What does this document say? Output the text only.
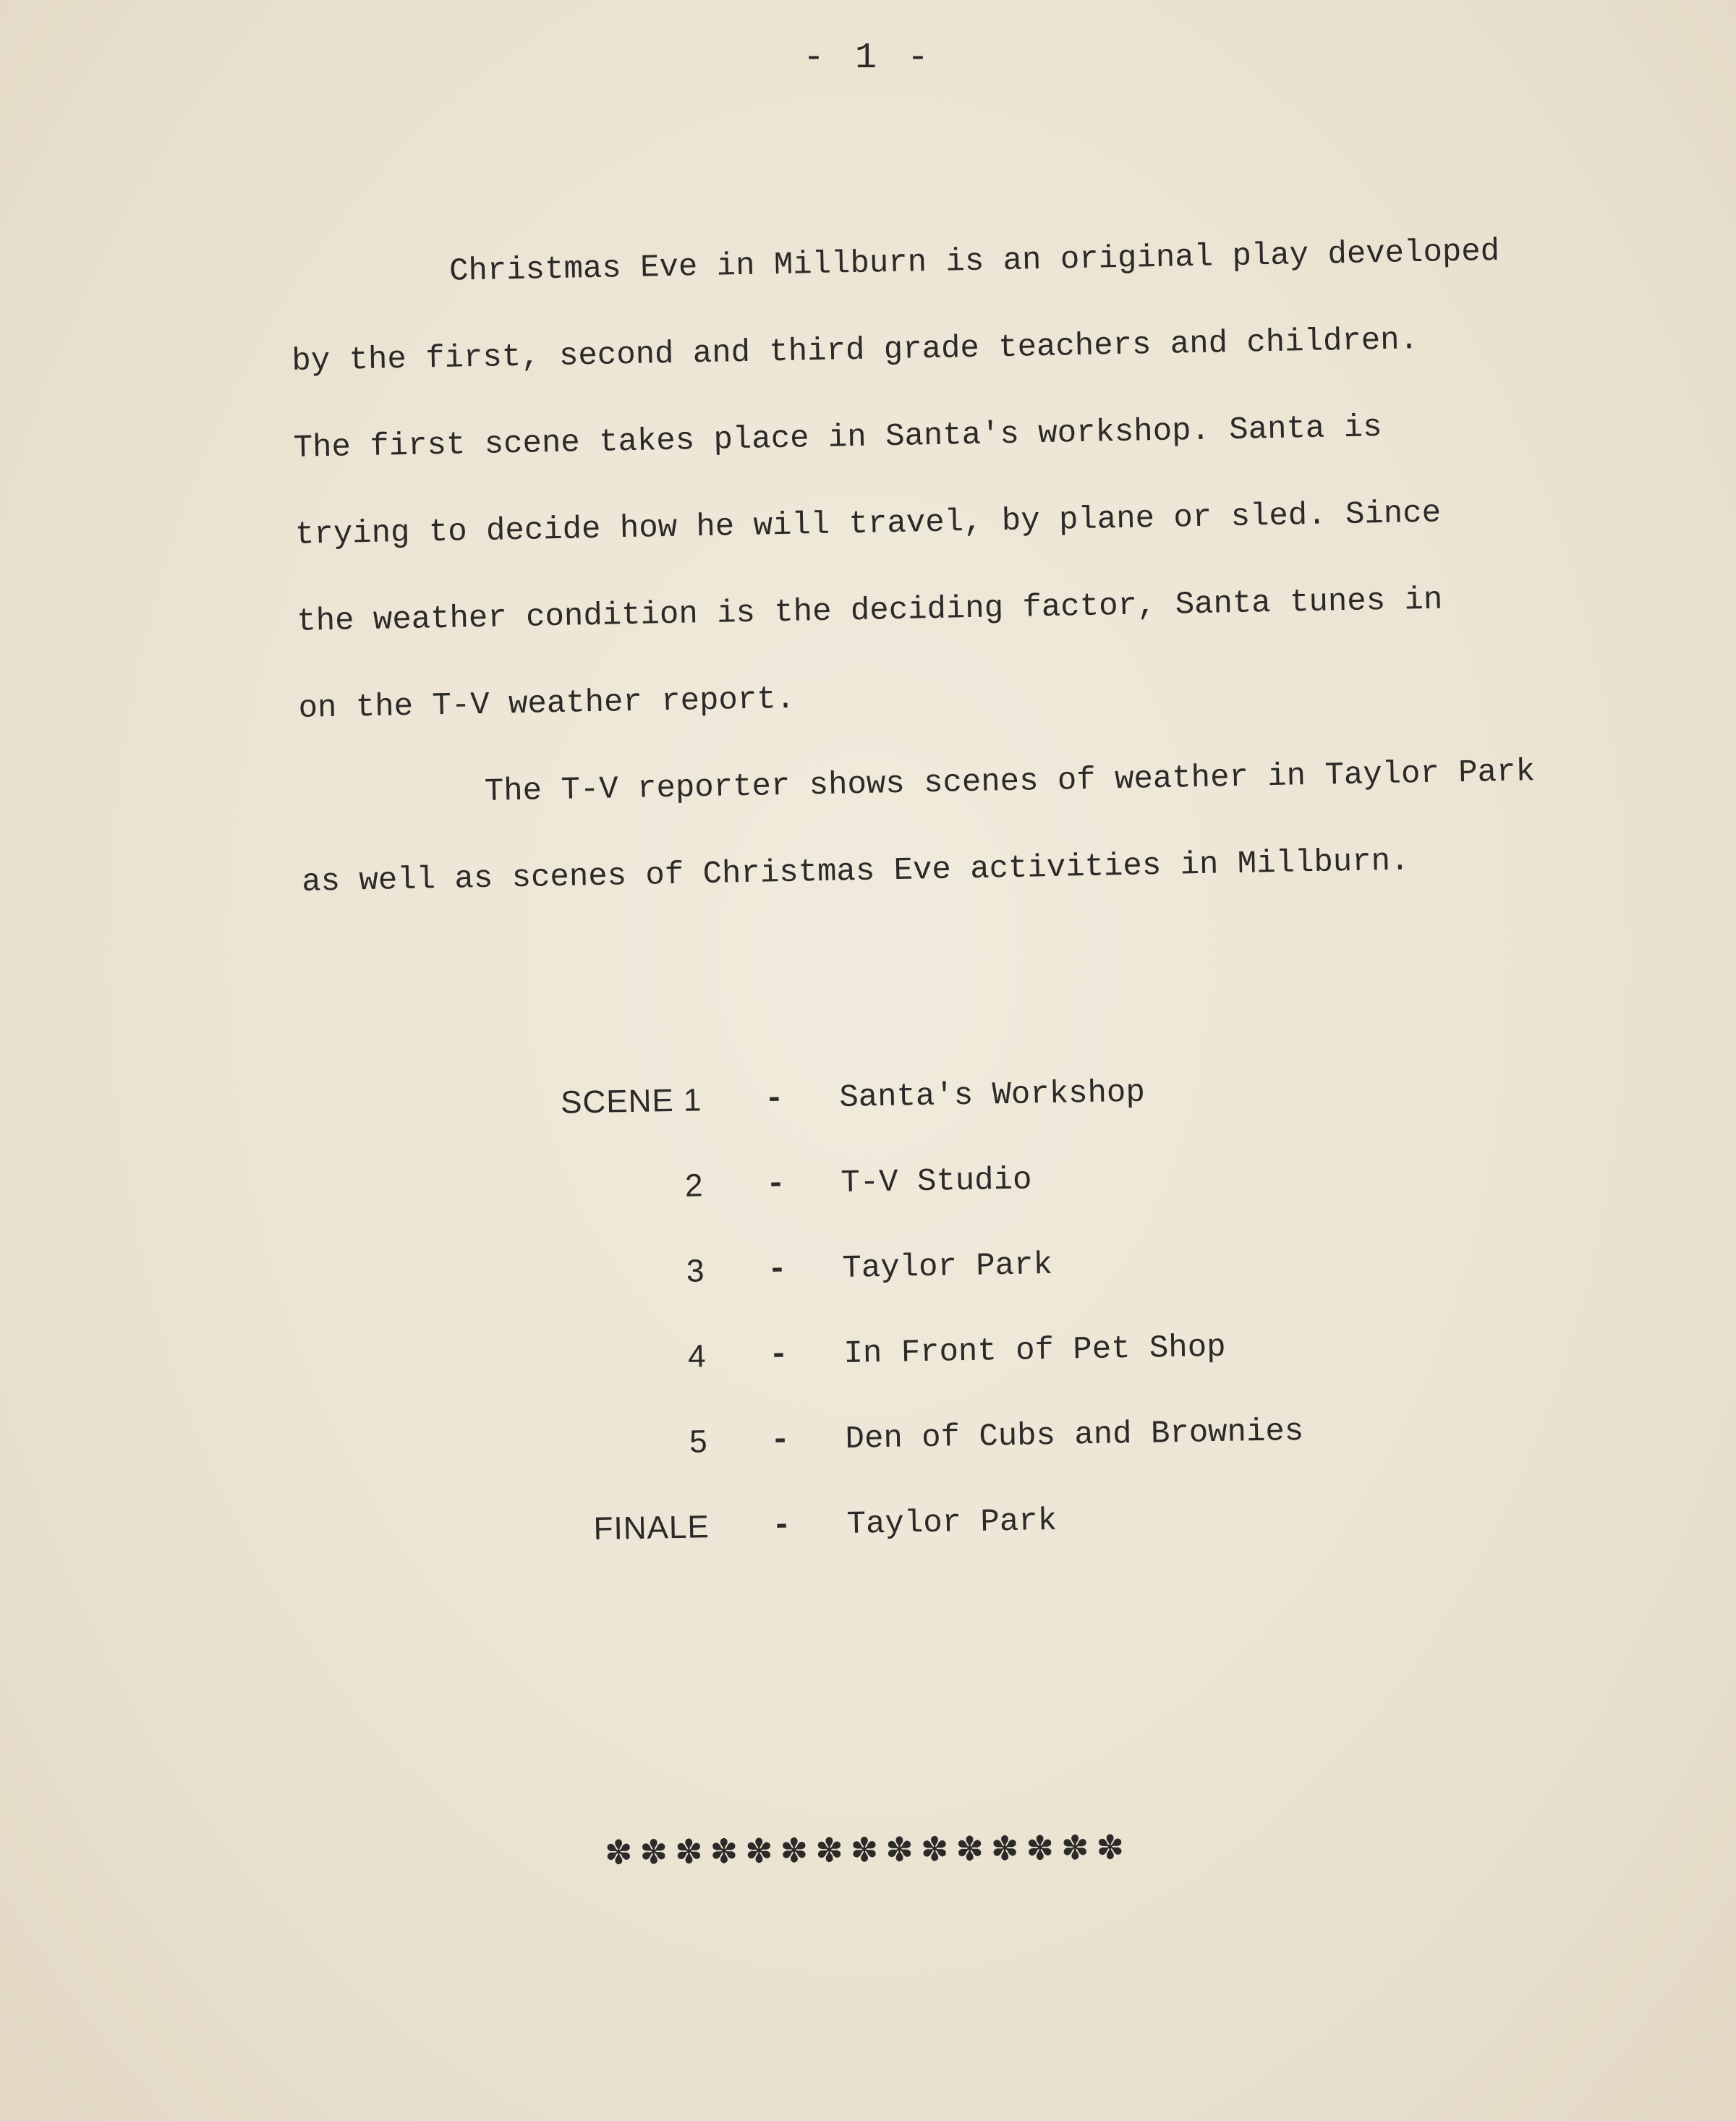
- 1 -

Christmas Eve in Millburn is an original play developed
by the first, second and third grade teachers and children.
The first scene takes place in Santa's workshop. Santa is
trying to decide how he will travel, by plane or sled. Since
the weather condition is the deciding factor, Santa tunes in
on the T-V weather report.

The T-V reporter shows scenes of weather in Taylor Park
as well as scenes of Christmas Eve activities in Millburn.

SCENE 1 - Santa's Workshop
2 - T-V Studio
3 - Taylor Park
4 - In Front of Pet Shop
5 - Den of Cubs and Brownies
FINALE - Taylor Park
✽✽✽✽✽✽✽✽✽✽✽✽✽✽✽
